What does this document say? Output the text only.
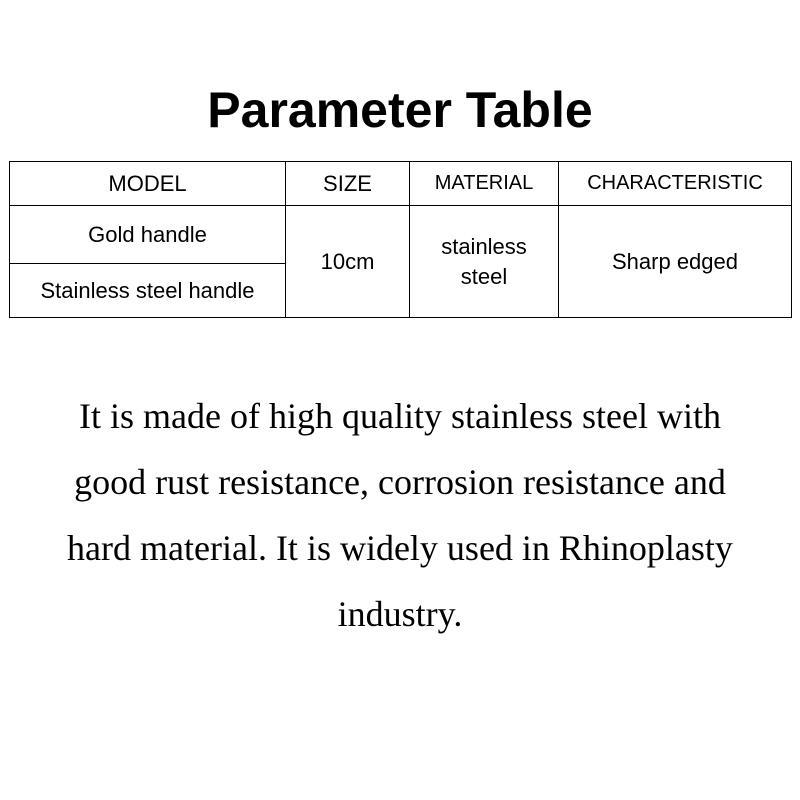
Parameter Table
MODEL	SIZE	MATERIAL	CHARACTERISTIC
Gold handle	10cm	stainless steel	Sharp edged
Stainless steel handle			

It is made of high quality stainless steel with good rust resistance, corrosion resistance and hard material. It is widely used in Rhinoplasty industry.
